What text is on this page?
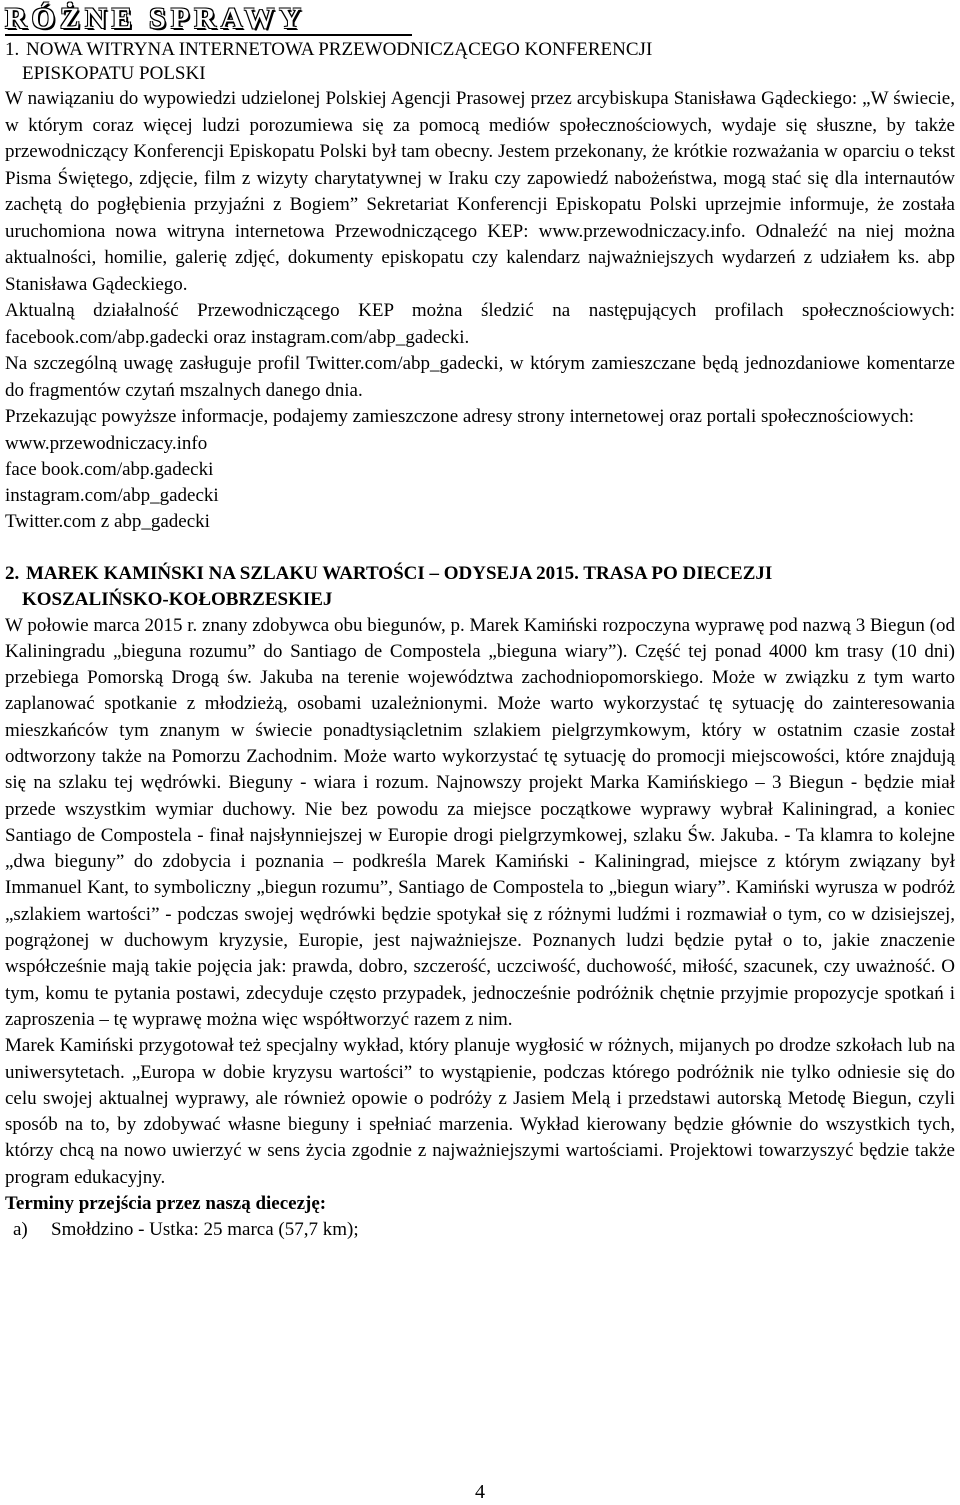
RÓŻNE SPRAWY
1. NOWA WITRYNA INTERNETOWA PRZEWODNICZĄCEGO KONFERENCJI
EPISKOPATU POLSKI

W nawiązaniu do wypowiedzi udzielonej Polskiej Agencji Prasowej przez arcybiskupa Stanisława Gądeckiego: „W świecie, w którym coraz więcej ludzi porozumiewa się za pomocą mediów społecznościowych, wydaje się słuszne, by także przewodniczący Konferencji Episkopatu Polski był tam obecny. Jestem przekonany, że krótkie rozważania w oparciu o tekst Pisma Świętego, zdjęcie, film z wizyty charytatywnej w Iraku czy zapowiedź nabożeństwa, mogą stać się dla internautów zachętą do pogłębienia przyjaźni z Bogiem” Sekretariat Konferencji Episkopatu Polski uprzejmie informuje, że została uruchomiona nowa witryna internetowa Przewodniczącego KEP: www.przewodniczacy.info. Odnaleźć na niej można aktualności, homilie, galerię zdjęć, dokumenty episkopatu czy kalendarz najważniejszych wydarzeń z udziałem ks. abp Stanisława Gądeckiego.

Aktualną działalność Przewodniczącego KEP można śledzić na następujących profilach społecznościowych: facebook.com/abp.gadecki oraz instagram.com/abp_gadecki.

Na szczególną uwagę zasługuje profil Twitter.com/abp_gadecki, w którym zamieszczane będą jednozdaniowe komentarze do fragmentów czytań mszalnych danego dnia.

Przekazując powyższe informacje, podajemy zamieszczone adresy strony internetowej oraz portali społecznościowych:

www.przewodniczacy.info

face book.com/abp.gadecki

instagram.com/abp_gadecki

Twitter.com z abp_gadecki

2. MAREK KAMIŃSKI NA SZLAKU WARTOŚCI – ODYSEJA 2015. TRASA PO DIECEZJI
KOSZALIŃSKO-KOŁOBRZESKIEJ

W połowie marca 2015 r. znany zdobywca obu biegunów, p. Marek Kamiński rozpoczyna wyprawę pod nazwą 3 Biegun (od Kaliningradu „bieguna rozumu” do Santiago de Compostela „bieguna wiary”). Część tej ponad 4000 km trasy (10 dni) przebiega Pomorską Drogą św. Jakuba na terenie województwa zachodniopomorskiego. Może w związku z tym warto zaplanować spotkanie z młodzieżą, osobami uzależnionymi. Może warto wykorzystać tę sytuację do zainteresowania mieszkańców tym znanym w świecie ponadtysiącletnim szlakiem pielgrzymkowym, który w ostatnim czasie został odtworzony także na Pomorzu Zachodnim. Może warto wykorzystać tę sytuację do promocji miejscowości, które znajdują się na szlaku tej wędrówki. Bieguny - wiara i rozum. Najnowszy projekt Marka Kamińskiego – 3 Biegun - będzie miał przede wszystkim wymiar duchowy. Nie bez powodu za miejsce początkowe wyprawy wybrał Kaliningrad, a koniec Santiago de Compostela - finał najsłynniejszej w Europie drogi pielgrzymkowej, szlaku Św. Jakuba. - Ta klamra to kolejne „dwa bieguny” do zdobycia i poznania – podkreśla Marek Kamiński - Kaliningrad, miejsce z którym związany był Immanuel Kant, to symboliczny „biegun rozumu”, Santiago de Compostela to „biegun wiary”. Kamiński wyrusza w podróż „szlakiem wartości” - podczas swojej wędrówki będzie spotykał się z różnymi ludźmi i rozmawiał o tym, co w dzisiejszej, pogrążonej w duchowym kryzysie, Europie, jest najważniejsze. Poznanych ludzi będzie pytał o to, jakie znaczenie współcześnie mają takie pojęcia jak: prawda, dobro, szczerość, uczciwość, duchowość, miłość, szacunek, czy uważność. O tym, komu te pytania postawi, zdecyduje często przypadek, jednocześnie podróżnik chętnie przyjmie propozycje spotkań i zaproszenia – tę wyprawę można więc współtworzyć razem z nim.

Marek Kamiński przygotował też specjalny wykład, który planuje wygłosić w różnych, mijanych po drodze szkołach lub na uniwersytetach. „Europa w dobie kryzysu wartości” to wystąpienie, podczas którego podróżnik nie tylko odniesie się do celu swojej aktualnej wyprawy, ale również opowie o podróży z Jasiem Melą i przedstawi autorską Metodę Biegun, czyli sposób na to, by zdobywać własne bieguny i spełniać marzenia. Wykład kierowany będzie głównie do wszystkich tych, którzy chcą na nowo uwierzyć w sens życia zgodnie z najważniejszymi wartościami. Projektowi towarzyszyć będzie także program edukacyjny.

Terminy przejścia przez naszą diecezję:

a) Smołdzino - Ustka: 25 marca (57,7 km);
4
